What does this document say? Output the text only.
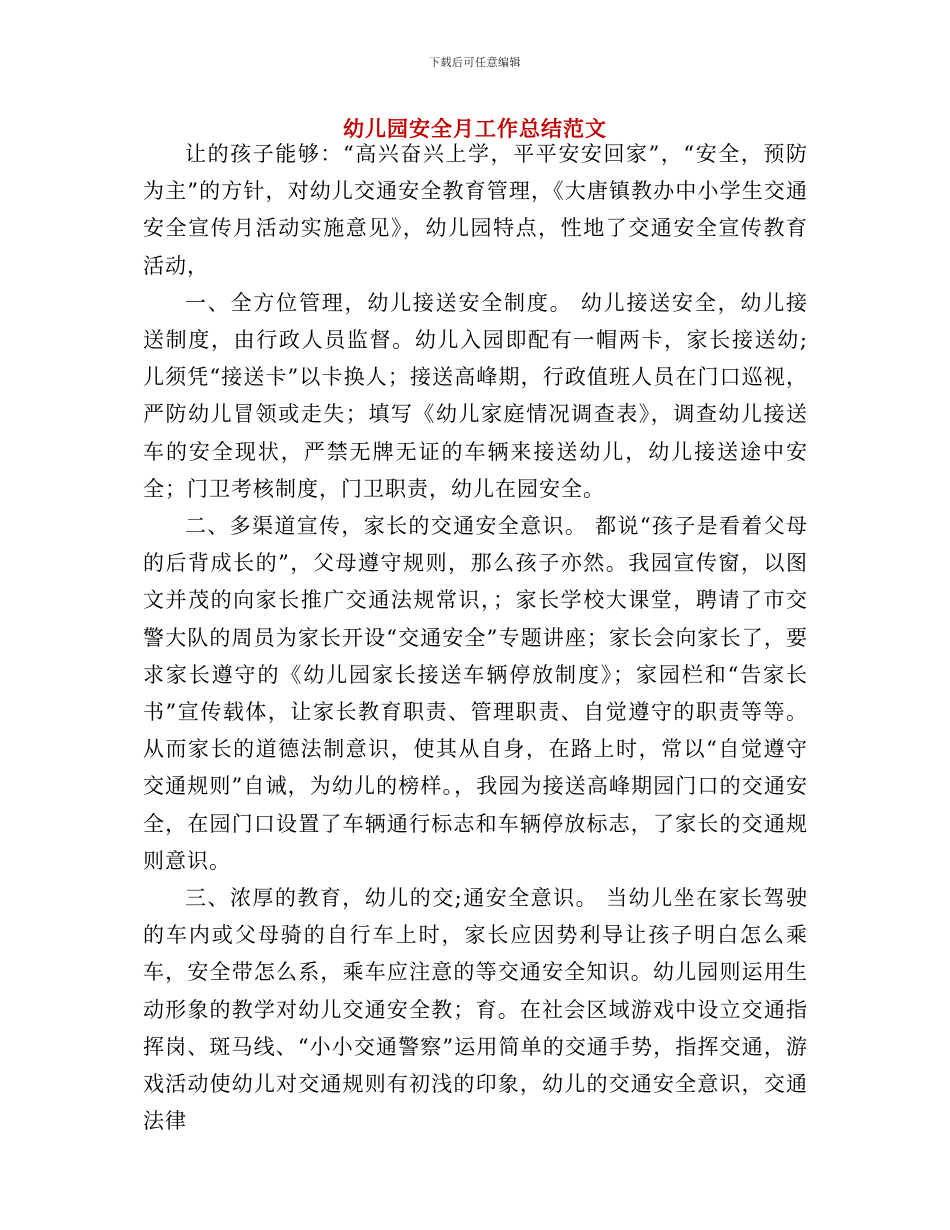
下载后可任意编辑
幼儿园安全月工作总结范文

让的孩子能够：“高兴奋兴上学，平平安安回家”，“安全，预防为主”的方针，对幼儿交通安全教育管理，《大唐镇教办中小学生交通安全宣传月活动实施意见》，幼儿园特点，性地了交通安全宣传教育活动，

一、全方位管理，幼儿接送安全制度。 幼儿接送安全，幼儿接送制度，由行政人员监督。幼儿入园即配有一帽两卡，家长接送幼;儿须凭“接送卡”以卡换人；接送高峰期，行政值班人员在门口巡视，严防幼儿冒领或走失；填写《幼儿家庭情况调查表》，调查幼儿接送车的安全现状，严禁无牌无证的车辆来接送幼儿，幼儿接送途中安全；门卫考核制度，门卫职责，幼儿在园安全。

二、多渠道宣传，家长的交通安全意识。 都说“孩子是看着父母的后背成长的”，父母遵守规则，那么孩子亦然。我园宣传窗，以图文并茂的向家长推广交通法规常识，；家长学校大课堂，聘请了市交警大队的周员为家长开设“交通安全”专题讲座；家长会向家长了，要求家长遵守的《幼儿园家长接送车辆停放制度》；家园栏和“告家长书”宣传载体，让家长教育职责、管理职责、自觉遵守的职责等等。从而家长的道德法制意识，使其从自身，在路上时，常以“自觉遵守交通规则”自诫，为幼儿的榜样。，我园为接送高峰期园门口的交通安全，在园门口设置了车辆通行标志和车辆停放标志，了家长的交通规则意识。

三、浓厚的教育，幼儿的交;通安全意识。 当幼儿坐在家长驾驶的车内或父母骑的自行车上时，家长应因势利导让孩子明白怎么乘车，安全带怎么系，乘车应注意的等交通安全知识。幼儿园则运用生动形象的教学对幼儿交通安全教；育。在社会区域游戏中设立交通指挥岗、斑马线、“小小交通警察”运用简单的交通手势，指挥交通，游戏活动使幼儿对交通规则有初浅的印象，幼儿的交通安全意识，交通法律
